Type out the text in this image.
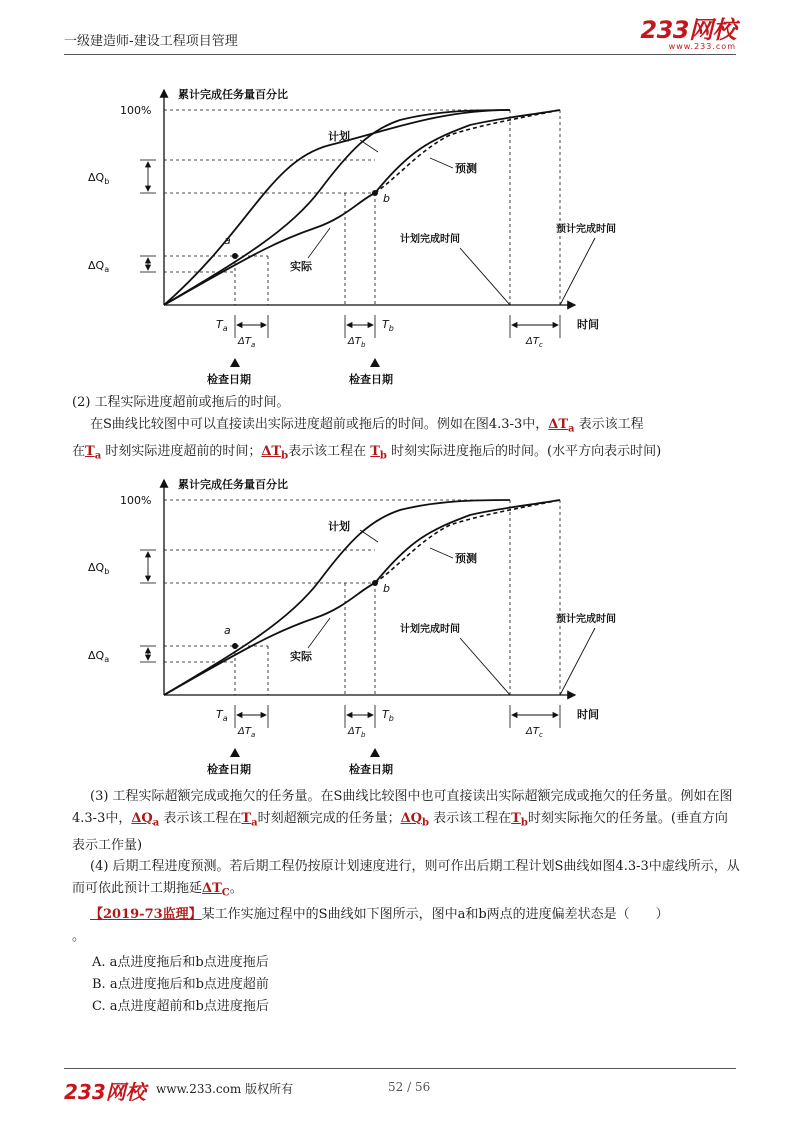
一级建造师-建设工程项目管理	233网校
www.233.com
累计完成任务量百分比
100%
a
b
计划
预测
实际
计划完成时间
预计完成时间
时间
$\Delta Q_b$
$\Delta Q_a$
$T_a$	$T_b$
$\Delta T_a$	$\Delta T_b$	$\Delta T_c$
检查日期	检查日期

(2) 工程实际进度超前或拖后的时间。

在S曲线比较图中可以直接读出实际进度超前或拖后的时间。例如在图4.3-3中，$\Delta T_a$ 表示该工程
在$T_a$ 时刻实际进度超前的时间；$\Delta T_b$表示该工程在 $T_b$ 时刻实际进度拖后的时间。(水平方向表示时间)

累计完成任务量百分比
100%
a
b
计划
预测
实际
计划完成时间
预计完成时间
时间
$\Delta Q_b$
$\Delta Q_a$
$T_a$	$T_b$
$\Delta T_a$	$\Delta T_b$	$\Delta T_c$
检查日期	检查日期

(3) 工程实际超额完成或拖欠的任务量。在S曲线比较图中也可直接读出实际超额完成或拖欠的任务量。例如在图4.3-3中，$\Delta Q_a$ 表示该工程在$T_a$时刻超额完成的任务量；$\Delta Q_b$ 表示该工程在$T_b$时刻实际拖欠的任务量。(垂直方向表示工作量)

(4) 后期工程进度预测。若后期工程仍按原计划速度进行，则可作出后期工程计划S曲线如图4.3-3中虚线所示，从而可依此预计工期拖延$\Delta T_C$。

【2019-73监理】某工作实施过程中的S曲线如下图所示，图中a和b两点的进度偏差状态是（　　）
。

A. a点进度拖后和b点进度拖后

B. a点进度拖后和b点进度超前

C. a点进度超前和b点进度拖后

233网校 www.233.com 版权所有	52 / 56
